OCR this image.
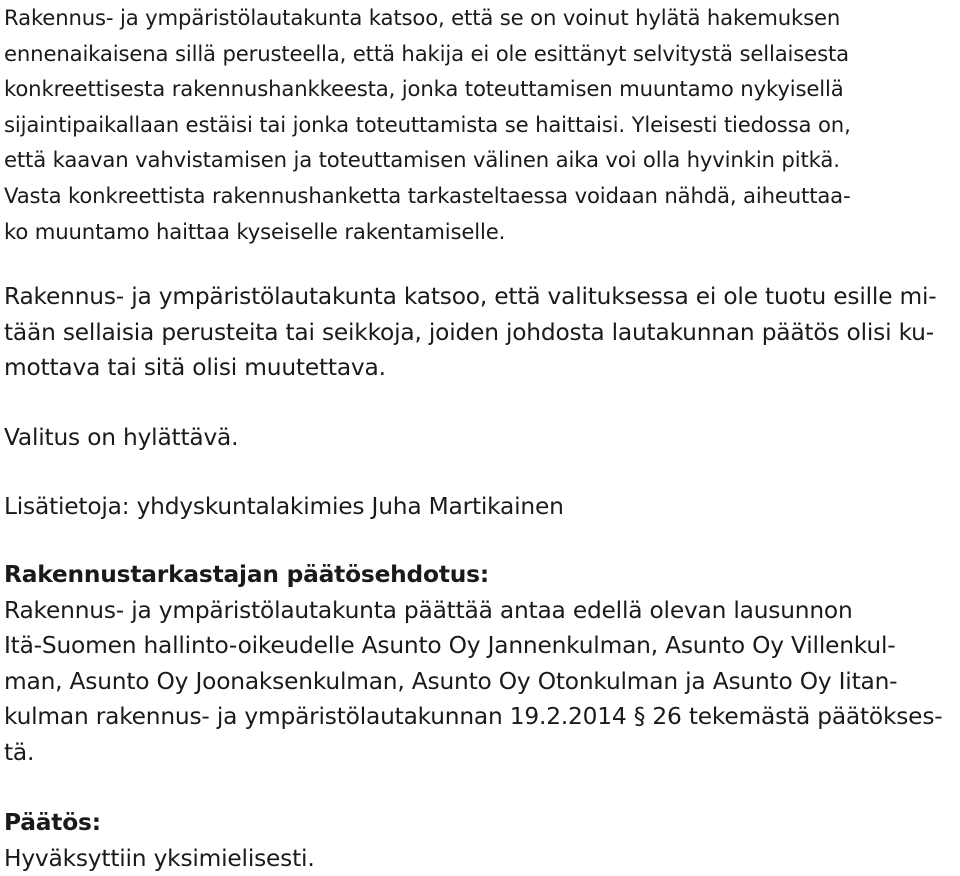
Rakennus- ja ympäristölautakunta katsoo, että se on voinut hylätä hakemuksen
ennenaikaisena sillä perusteella, että hakija ei ole esittänyt selvitystä sellaisesta
konkreettisesta rakennushankkeesta, jonka toteuttamisen muuntamo nykyisellä
sijaintipaikallaan estäisi tai jonka toteuttamista se haittaisi. Yleisesti tiedossa on,
että kaavan vahvistamisen ja toteuttamisen välinen aika voi olla hyvinkin pitkä.
Vasta konkreettista rakennushanketta tarkasteltaessa voidaan nähdä, aiheuttaa-
ko muuntamo haittaa kyseiselle rakentamiselle.
Rakennus- ja ympäristölautakunta katsoo, että valituksessa ei ole tuotu esille mi-
tään sellaisia perusteita tai seikkoja, joiden johdosta lautakunnan päätös olisi ku-
mottava tai sitä olisi muutettava.
Valitus on hylättävä.
Lisätietoja: yhdyskuntalakimies Juha Martikainen
Rakennustarkastajan päätösehdotus:
Rakennus- ja ympäristölautakunta päättää antaa edellä olevan lausunnon
Itä-Suomen hallinto-oikeudelle Asunto Oy Jannenkulman, Asunto Oy Villenkul-
man, Asunto Oy Joonaksenkulman, Asunto Oy Otonkulman ja Asunto Oy Iitan-
kulman rakennus- ja ympäristölautakunnan 19.2.2014 § 26 tekemästä päätökses-
tä.
Päätös:
Hyväksyttiin yksimielisesti.
